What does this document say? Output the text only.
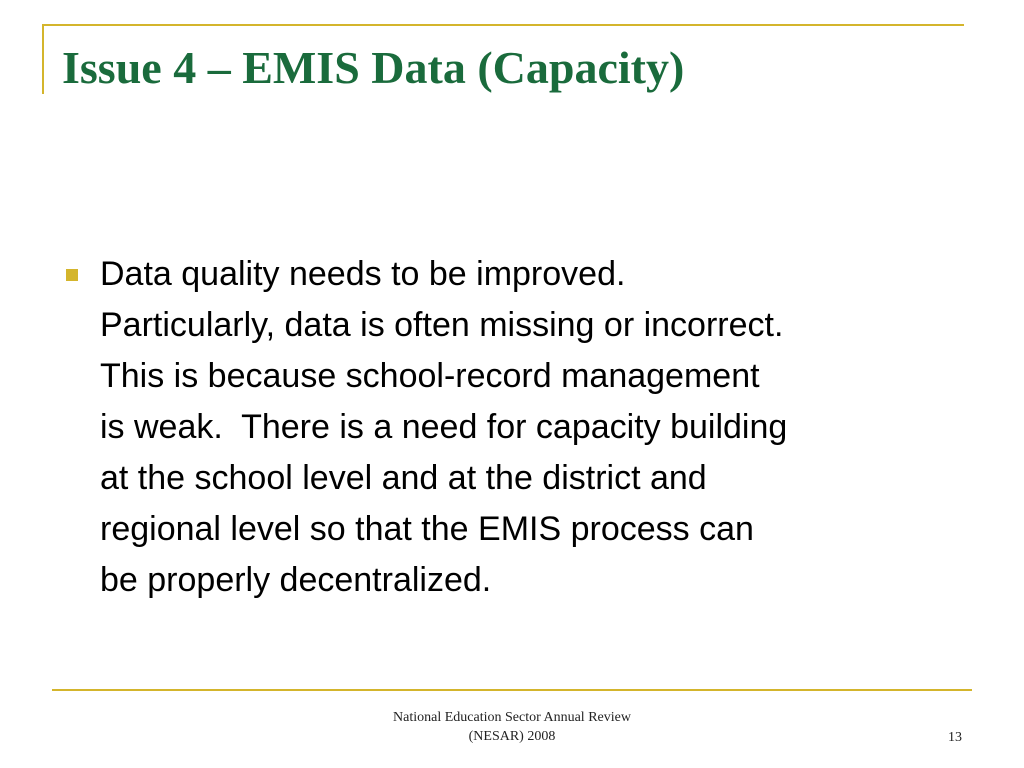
Issue 4 – EMIS Data (Capacity)
Data quality needs to be improved.
Particularly, data is often missing or incorrect.
This is because school-record management
is weak.  There is a need for capacity building
at the school level and at the district and
regional level so that the EMIS process can
be properly decentralized.
National Education Sector Annual Review
(NESAR) 2008	13
